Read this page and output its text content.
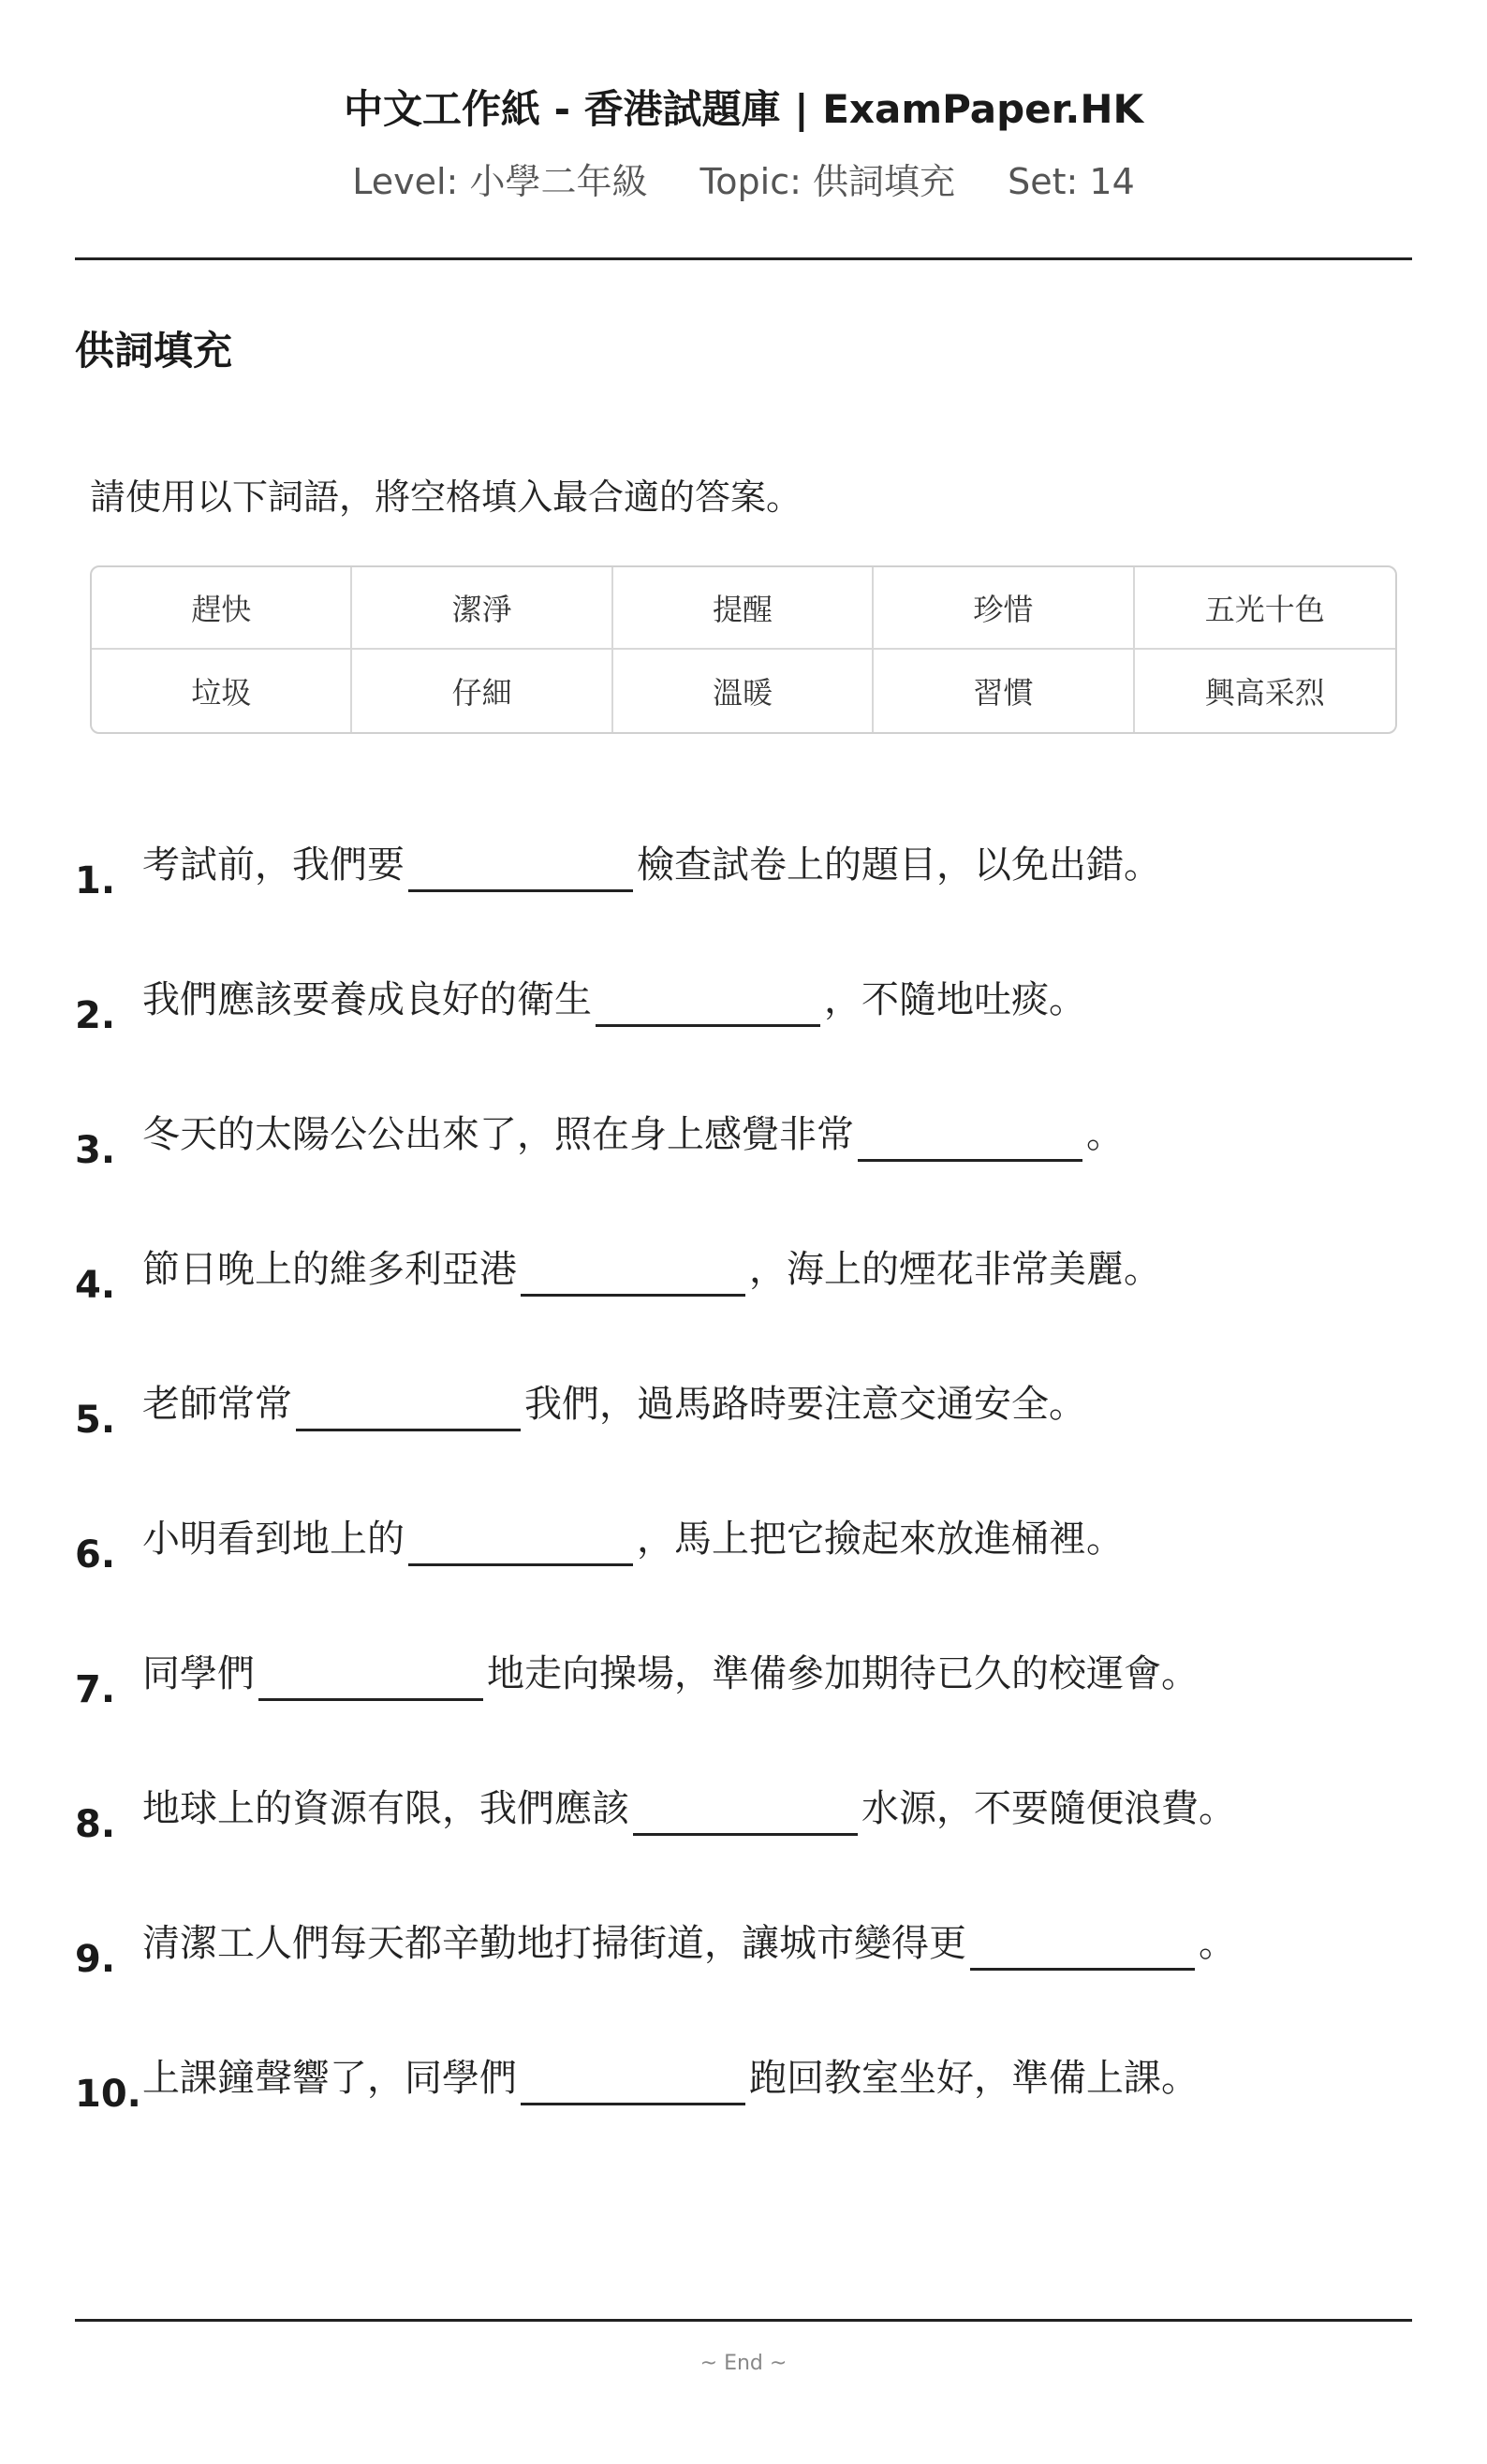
中文工作紙 - 香港試題庫 | ExamPaper.HK
Level: 小學二年級 Topic: 供詞填充 Set: 14
供詞填充
請使用以下詞語，將空格填入最合適的答案。
趕快	潔淨	提醒	珍惜	五光十色
垃圾	仔細	溫暖	習慣	興高采烈
1. 考試前，我們要	檢查試卷上的題目，以免出錯。
2. 我們應該要養成良好的衛生	，不隨地吐痰。
3. 冬天的太陽公公出來了，照在身上感覺非常	。
4. 節日晚上的維多利亞港	，海上的煙花非常美麗。
5. 老師常常	我們，過馬路時要注意交通安全。
6. 小明看到地上的	，馬上把它撿起來放進桶裡。
7. 同學們	地走向操場，準備參加期待已久的校運會。
8. 地球上的資源有限，我們應該	水源，不要隨便浪費。
9. 清潔工人們每天都辛勤地打掃街道，讓城市變得更	。
10. 上課鐘聲響了，同學們	跑回教室坐好，準備上課。
~ End ~
